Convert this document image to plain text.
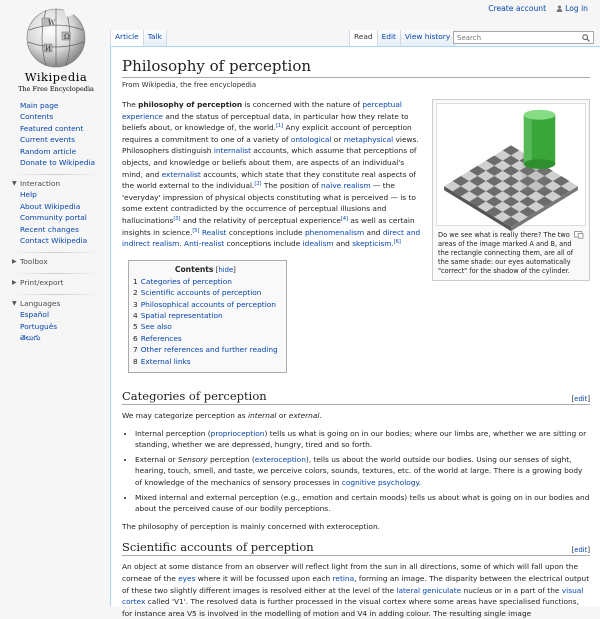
Create account	Log in
W
Ω
И
Wikipedia
The Free Encyclopedia
Article	Talk	Read	Edit	View history
Search
Main page
Contents
Featured content
Current events
Random article
Donate to Wikipedia
▼ Interaction
Help
About Wikipedia
Community portal
Recent changes
Contact Wikipedia
▶ Toolbox
▶ Print/export
▼ Languages
Español
Português
తెలుగు
Philosophy of perception
From Wikipedia, the free encyclopedia
Do we see what is really there? The two areas of the image marked A and B, and the rectangle connecting them, are all of the same shade: our eyes automatically "correct" for the shadow of the cylinder.

The philosophy of perception is concerned with the nature of perceptual experience and the status of perceptual data, in particular how they relate to beliefs about, or knowledge of, the world.[1] Any explicit account of perception requires a commitment to one of a variety of ontological or metaphysical views. Philosophers distinguish internalist accounts, which assume that perceptions of objects, and knowledge or beliefs about them, are aspects of an individual's mind, and externalist accounts, which state that they constitute real aspects of the world external to the individual.[2] The position of naïve realism — the 'everyday' impression of physical objects constituting what is perceived — is to some extent contradicted by the occurrence of perceptual illusions and hallucinations[3] and the relativity of perceptual experience[4] as well as certain insights in science.[5] Realist conceptions include phenomenalism and direct and indirect realism. Anti-realist conceptions include idealism and skepticism.[6]

Contents [hide]
1 Categories of perception
2 Scientific accounts of perception
3 Philosophical accounts of perception
4 Spatial representation
5 See also
6 References
7 Other references and further reading
8 External links
Categories of perception	[edit]

We may categorize perception as internal or external.

• Internal perception (proprioception) tells us what is going on in our bodies; where our limbs are, whether we are sitting or standing, whether we are depressed, hungry, tired and so forth.
• External or Sensory perception (exteroception), tells us about the world outside our bodies. Using our senses of sight, hearing, touch, smell, and taste, we perceive colors, sounds, textures, etc. of the world at large. There is a growing body of knowledge of the mechanics of sensory processes in cognitive psychology.
• Mixed internal and external perception (e.g., emotion and certain moods) tells us about what is going on in our bodies and about the perceived cause of our bodily perceptions.

The philosophy of perception is mainly concerned with exteroception.

Scientific accounts of perception	[edit]

An object at some distance from an observer will reflect light from the sun in all directions, some of which will fall upon the corneae of the eyes where it will be focussed upon each retina, forming an image. The disparity between the electrical output of these two slightly different images is resolved either at the level of the lateral geniculate nucleus or in a part of the visual cortex called 'V1'. The resolved data is further processed in the visual cortex where some areas have specialised functions, for instance area V5 is involved in the modelling of motion and V4 in adding colour. The resulting single image
